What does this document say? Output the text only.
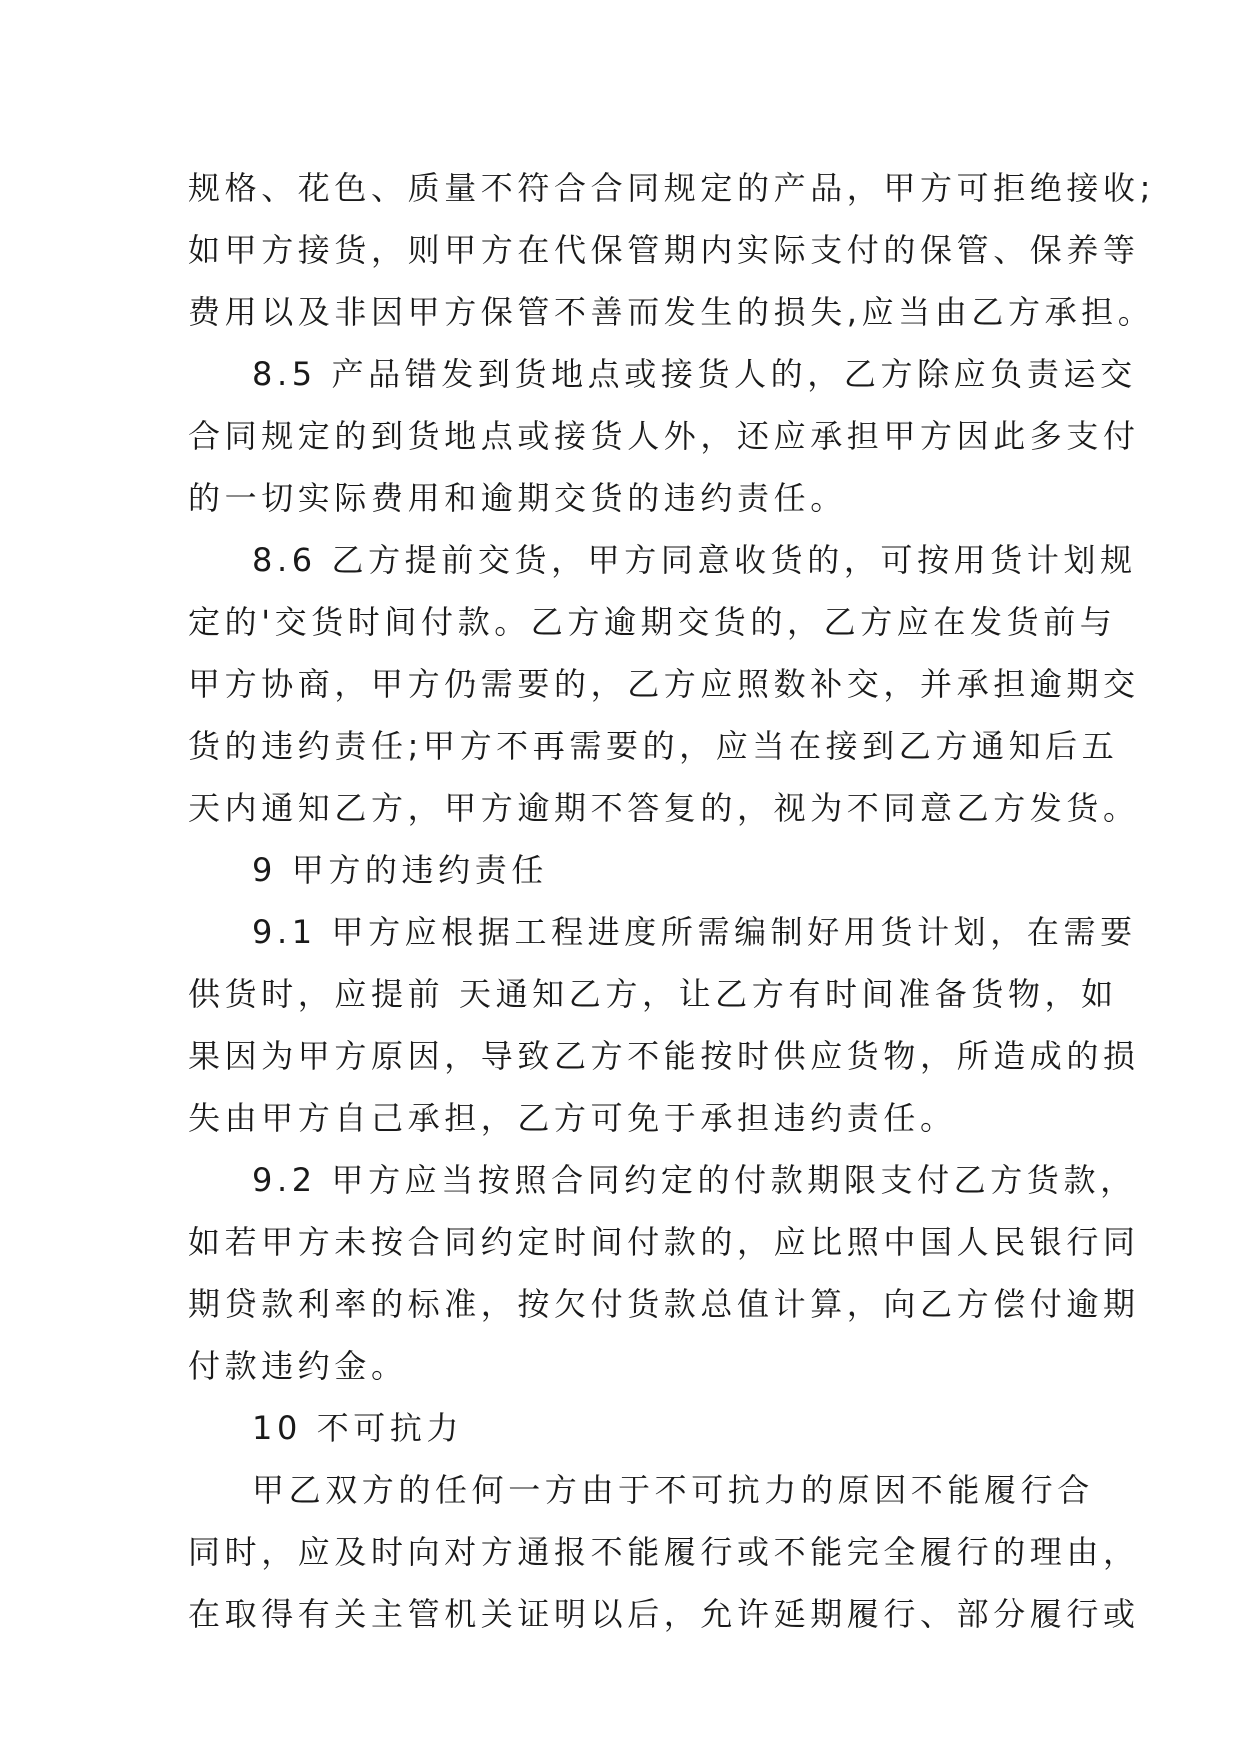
规格、花色、质量不符合合同规定的产品，甲方可拒绝接收;
如甲方接货，则甲方在代保管期内实际支付的保管、保养等
费用以及非因甲方保管不善而发生的损失,应当由乙方承担。
8.5 产品错发到货地点或接货人的，乙方除应负责运交
合同规定的到货地点或接货人外，还应承担甲方因此多支付
的一切实际费用和逾期交货的违约责任。
8.6 乙方提前交货，甲方同意收货的，可按用货计划规
定的'交货时间付款。乙方逾期交货的，乙方应在发货前与
甲方协商，甲方仍需要的，乙方应照数补交，并承担逾期交
货的违约责任;甲方不再需要的，应当在接到乙方通知后五
天内通知乙方，甲方逾期不答复的，视为不同意乙方发货。
9 甲方的违约责任
9.1 甲方应根据工程进度所需编制好用货计划，在需要
供货时，应提前 天通知乙方，让乙方有时间准备货物，如
果因为甲方原因，导致乙方不能按时供应货物，所造成的损
失由甲方自己承担，乙方可免于承担违约责任。
9.2 甲方应当按照合同约定的付款期限支付乙方货款，
如若甲方未按合同约定时间付款的，应比照中国人民银行同
期贷款利率的标准，按欠付货款总值计算，向乙方偿付逾期
付款违约金。
10 不可抗力
甲乙双方的任何一方由于不可抗力的原因不能履行合
同时，应及时向对方通报不能履行或不能完全履行的理由，
在取得有关主管机关证明以后，允许延期履行、部分履行或
